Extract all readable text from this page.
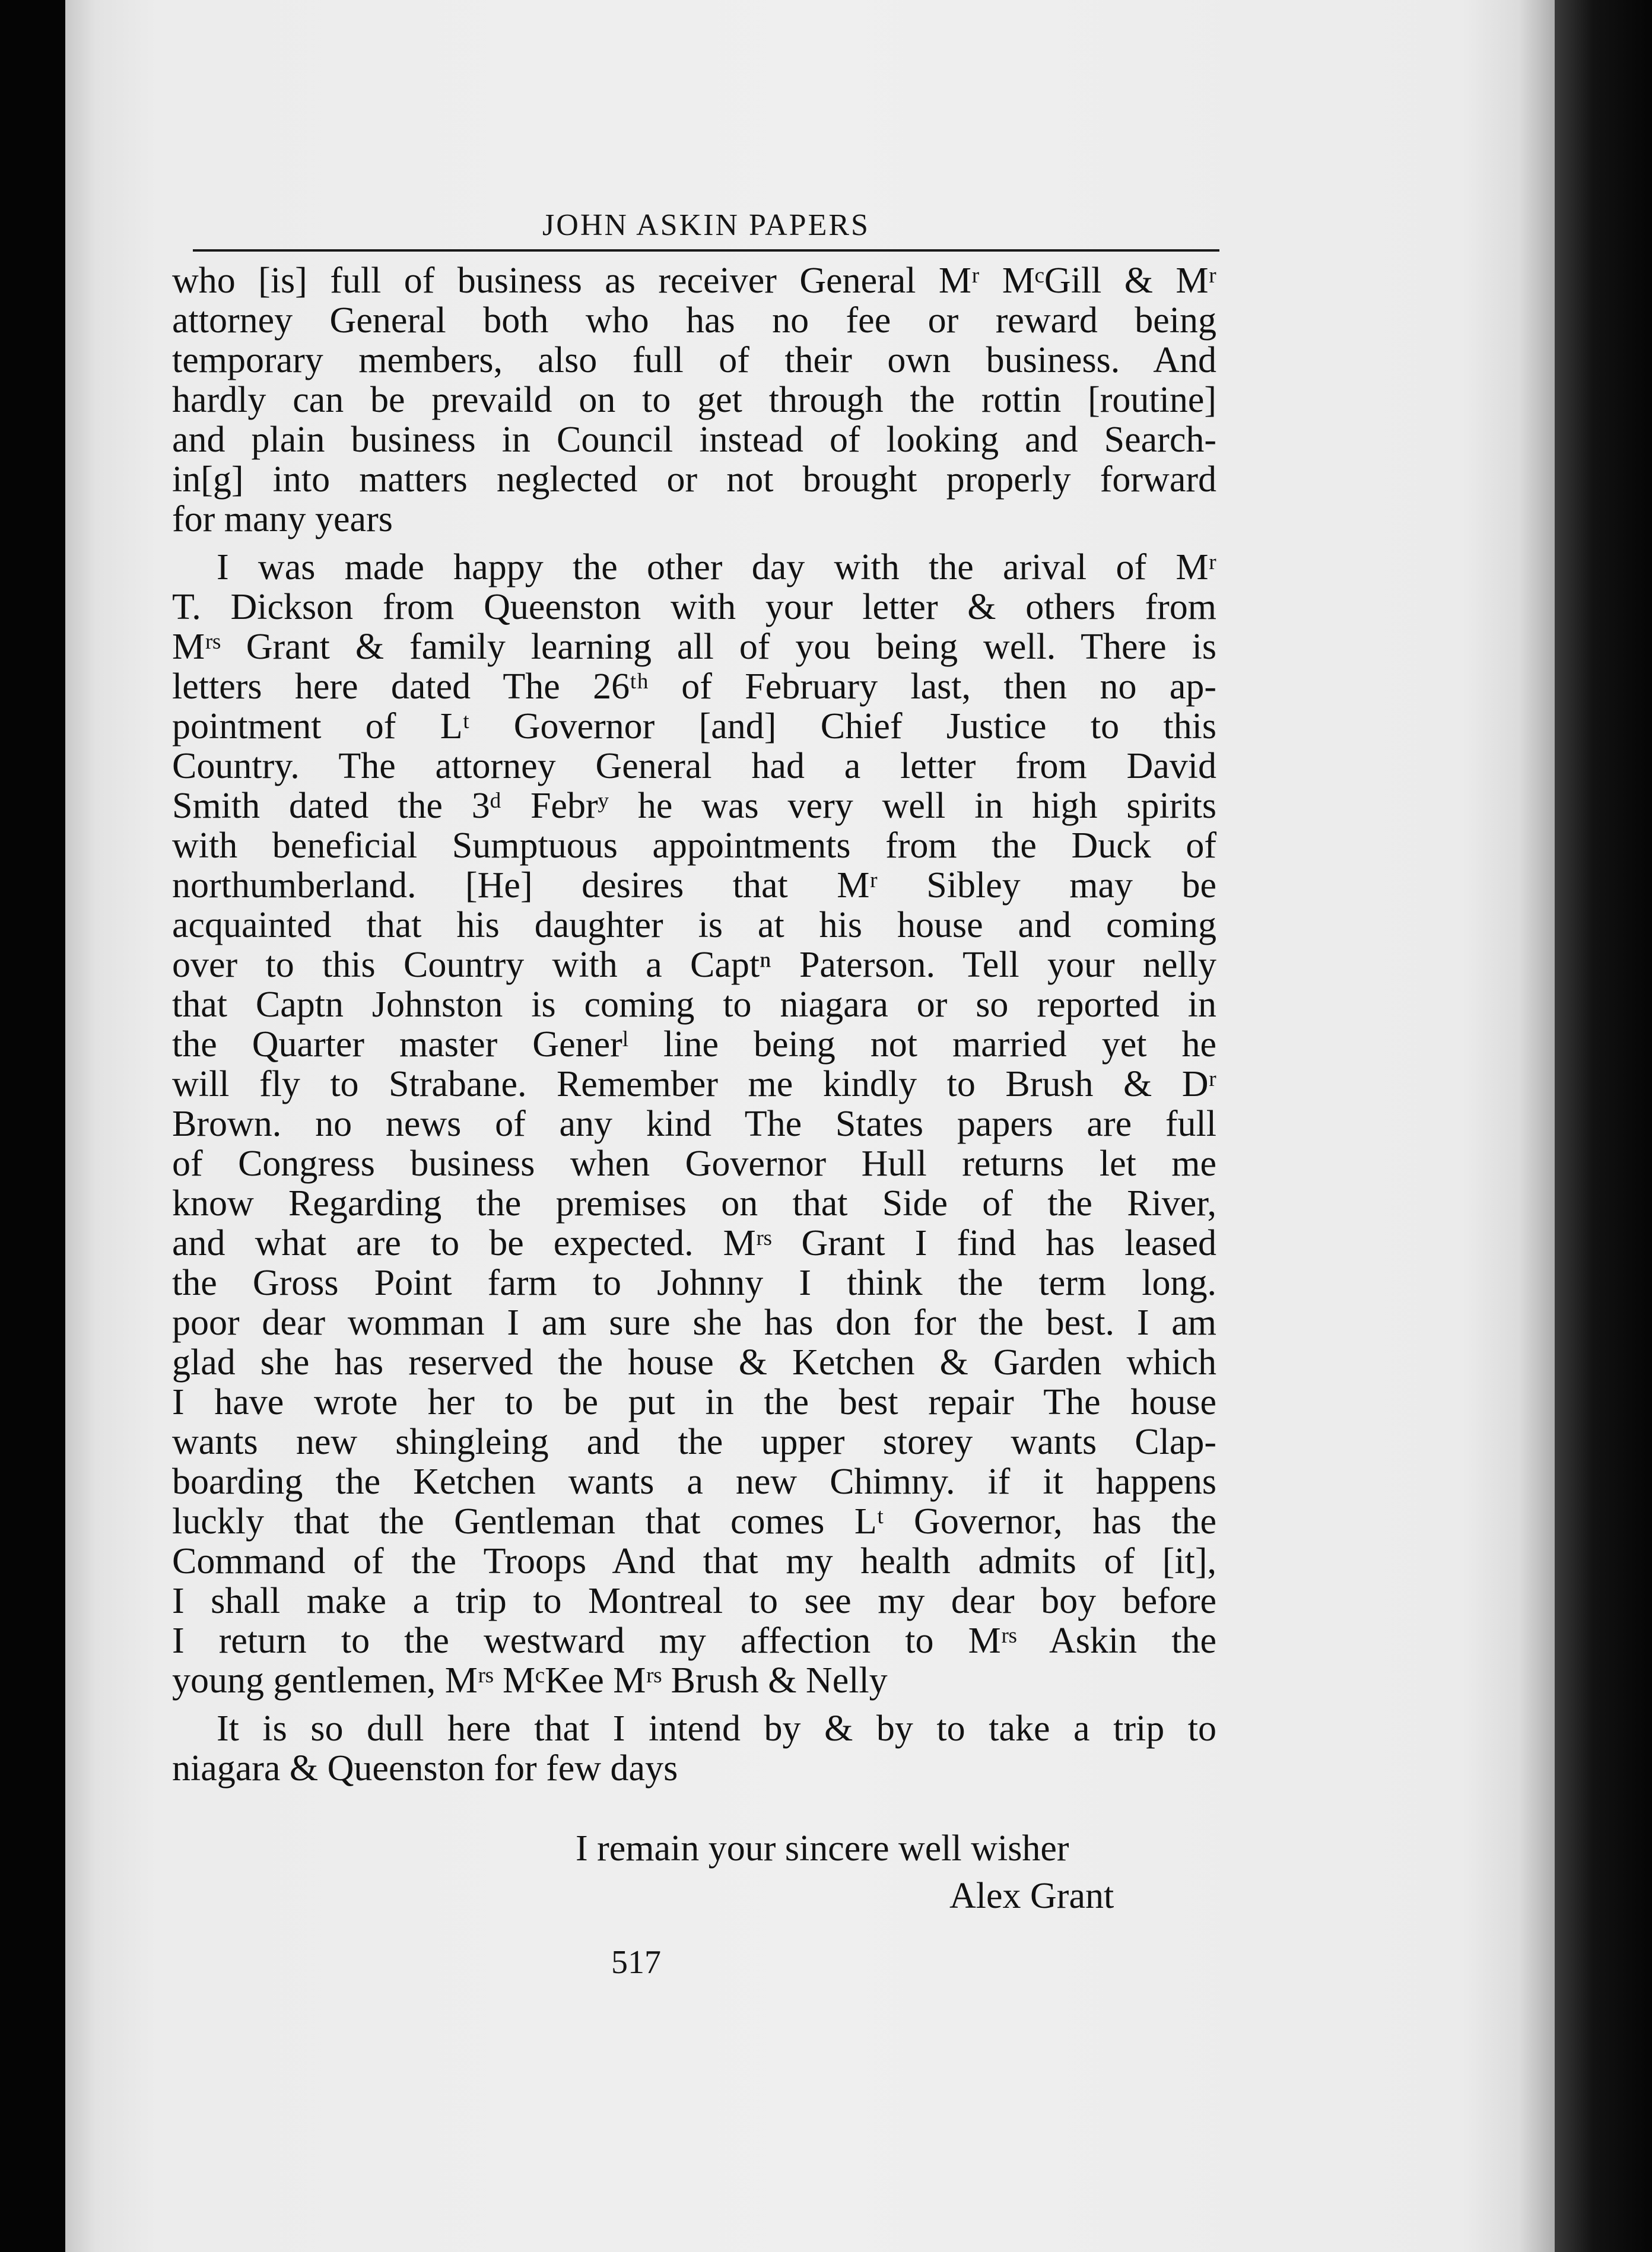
JOHN ASKIN PAPERS
who [is] full of business as receiver General Mʳ MᶜGill & Mʳ
attorney General both who has no fee or reward being
temporary members, also full of their own business. And
hardly can be prevaild on to get through the rottin [routine]
and plain business in Council instead of looking and Search-
in[g] into matters neglected or not brought properly forward
for many years
I was made happy the other day with the arival of Mʳ
T. Dickson from Queenston with your letter & others from
Mʳˢ Grant & family learning all of you being well. There is
letters here dated The 26ᵗʰ of February last, then no ap-
pointment of Lᵗ Governor [and] Chief Justice to this
Country. The attorney General had a letter from David
Smith dated the 3ᵈ Febrʸ he was very well in high spirits
with beneficial Sumptuous appointments from the Duck of
northumberland. [He] desires that Mʳ Sibley may be
acquainted that his daughter is at his house and coming
over to this Country with a Captⁿ Paterson. Tell your nelly
that Captn Johnston is coming to niagara or so reported in
the Quarter master Generˡ line being not married yet he
will fly to Strabane. Remember me kindly to Brush & Dʳ
Brown. no news of any kind The States papers are full
of Congress business when Governor Hull returns let me
know Regarding the premises on that Side of the River,
and what are to be expected. Mʳˢ Grant I find has leased
the Gross Point farm to Johnny I think the term long.
poor dear womman I am sure she has don for the best. I am
glad she has reserved the house & Ketchen & Garden which
I have wrote her to be put in the best repair The house
wants new shingleing and the upper storey wants Clap-
boarding the Ketchen wants a new Chimny. if it happens
luckly that the Gentleman that comes Lᵗ Governor, has the
Command of the Troops And that my health admits of [it],
I shall make a trip to Montreal to see my dear boy before
I return to the westward my affection to Mʳˢ Askin the
young gentlemen, Mʳˢ MᶜKee Mʳˢ Brush & Nelly
It is so dull here that I intend by & by to take a trip to
niagara & Queenston for few days
I remain your sincere well wisher
Alex Grant
517
